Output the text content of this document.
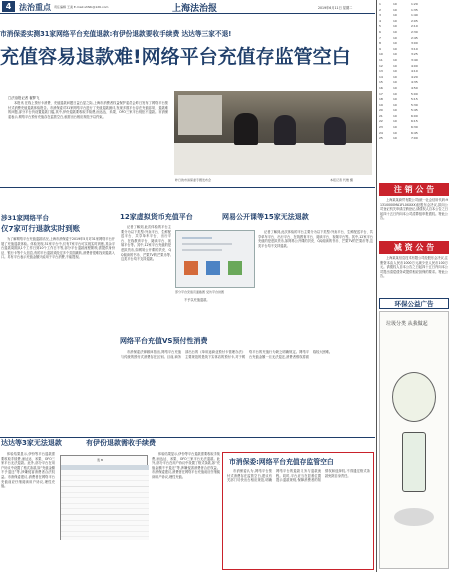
4 法治重点 责任编辑 王美 E-mail:shfzb@126.com	上海法治报	2019年6月11日 星期二
市消保委实测31家网络平台充值退款:有伊份退款要收手续费 达达等三家不退!
充值容易退款难!网络平台充值存监管空白
□法治报记者 翟梦飞

本报讯 在线上预付卡消费、充值退款问题日益凸显之际,上海市消费者权益保护委员会昨日发布了网络平台预付式消费充值退款体验报告。市消保委对31家网络平台进行了充值退款测评,发现多数平台存在充值容易、退款难的问题,部分平台仍设置退款门槛,其中,伊份退款要收取手续费,而达达、米果、OFO三家平台则拒不退款。市消保委表示,网络平台预付充值存在监管空白,亟需出台相应规范予以约束。

昨日的市消保委专题发布会	本报记者 代维 摄
涉31家网络平台
仅7家可行退款实时到账

为了解网络平台充值退款状况,上海市消保委于2019年5月对31家网络平台开展了充值退款体验。体验发现,31家平台中,仅有7家平台可实现实时到账,其余平台退款周期从1个工作日到10个工作日不等,部分平台退款流程繁琐,需提供身份证、银行卡等个人信息,有的平台退款须经过多个页面跳转,消费者很难找到退款入口。另有平台表示充值金额只能用于平台消费,不能提现。

12家虚拟货币充值平台	网易公开课等15家无法退款

记者了解到,此次体验的平台主要分为以下类型:外卖平台、生鲜配送平台、共享单车平台、出行平台、在线教育平台、阅读平台、视频平台等。其中,12家平台充值的是虚拟货币,如网易公开课的贝壳、QQ阅读的书币、芒果TV的芒果币等,这类平台均不支持退款。

部分平台充值页面截图 受访平台供图

不予以充值退款。

记者了解到,此次体验的平台主要分为以下类型:外卖平台、生鲜配送平台、共享单车平台、出行平台、在线教育平台、阅读平台、视频平台等。其中,12家平台充值的是虚拟货币,如网易公开课的贝壳、QQ阅读的书币、芒果TV的芒果币等,这类平台均不支持退款。

网络平台充值VS预付性消费

市消保委法律顾问指出,网络平台充值与传统的预付式消费存在区别。目前,商务部出台的《单用途商业预付卡管理办法》主要规范的是线下实体店的预付卡,对于网络平台的充值行为缺乏明确规定。网络平台充值金额一旦无法退还,消费者维权将面临较大困难。

达达等3家无法退款	有伊份退款需收手续费

体验结果显示,伊份等平台退款需要收取手续费,而达达、米果、OFO三家平台无法退款。此外,部分平台在用户协议中设置了格式条款,如“充值金额不予退还”等,涉嫌侵害消费者合法权益。市消保委建议,消费者在网络平台充值前应仔细阅读用户协议,理性充值。

表 8

体验结果显示,伊份等平台退款需要收取手续费,而达达、米果、OFO三家平台无法退款。此外,部分平台在用户协议中设置了格式条款,如“充值金额不予退还”等,涉嫌侵害消费者合法权益。市消保委建议,消费者在网络平台充值前应仔细阅读用户协议,理性充值。

市消保委:网络平台充值存监管空白

市消保委认为,网络平台预付式消费存在监管空白,建议有关部门尽快出台相应规范,明确网络平台的退款义务与退款流程。同时,平台应当在显著位置提示退款规则,保障消费者的知情权和选择权,不得通过格式条款免除自身责任。

1	10	1:20
2	10	1:35
3	10	1:40
4	10	2:05
5	10	2:10
6	10	2:30
7	10	2:45
8	10	3:00
9	10	3:10
10	10	3:25
11	10	3:40
12	10	4:00
13	10	4:10
14	10	4:20
15	10	4:35
16	10	4:50
17	10	5:00
18	10	5:15
19	10	5:30
20	10	5:45
21	10	6:00
22	10	6:15
23	10	6:30
24	10	6:45
25	10	7:00
注 销 公 告

上海某某商贸有限公司(统一社会信用代码:91310000MA1FL0XXXX)经股东会决议,拟向公司登记机关申请注销登记,请债权人自本公告之日起四十五日内向本公司清算组申报债权。特此公告。

减 资 公 告

上海某某信息技术有限公司经股东会决议,注册资本由人民币1000万元减少至人民币100万元。请债权人自本公告之日起四十五日内向本公司提出清偿债务或提供相应担保的要求。特此公告。

环保公益广告
垃圾分类 从我做起
